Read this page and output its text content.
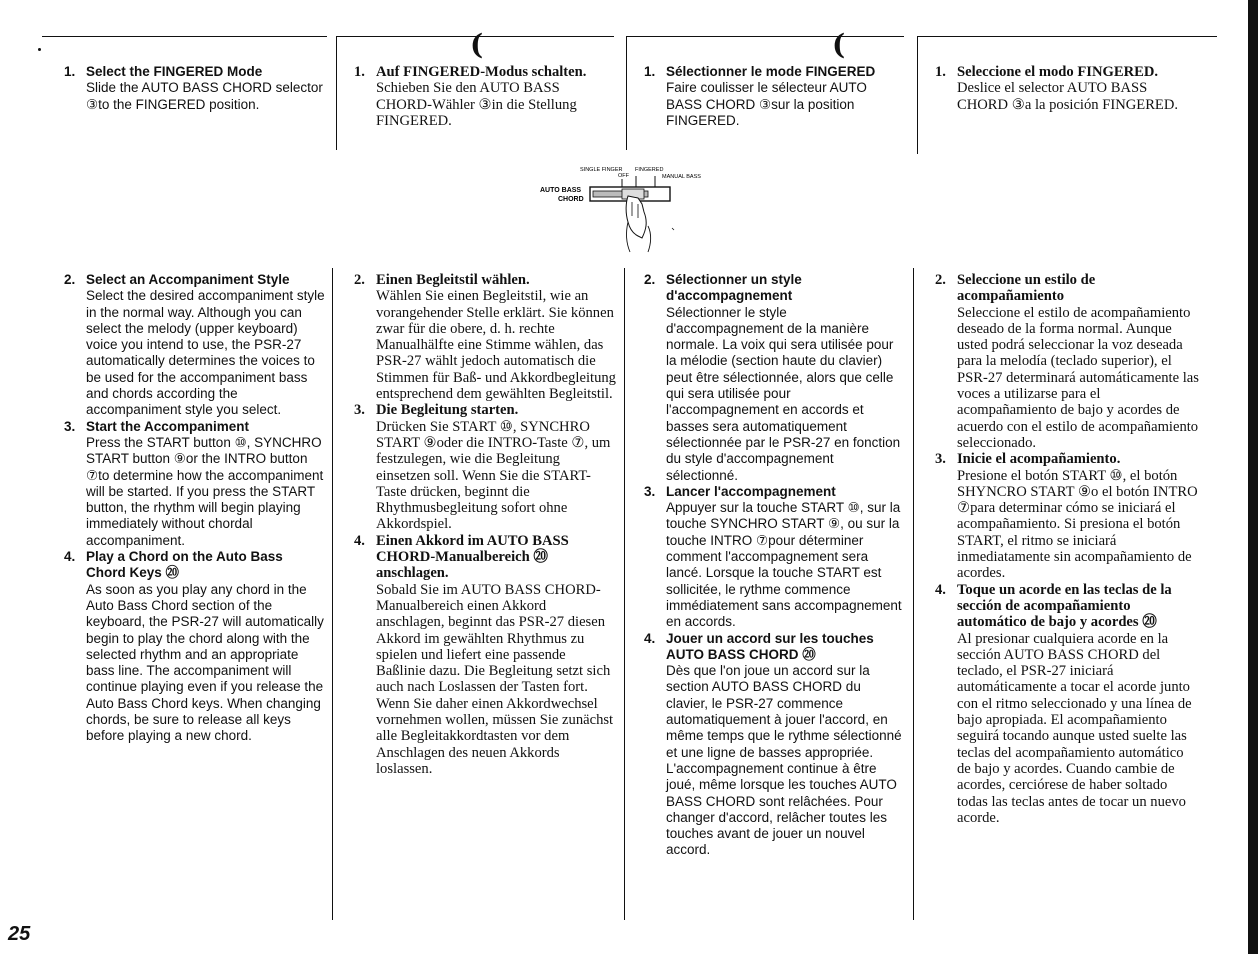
(	(
1. Select the FINGERED Mode
Slide the AUTO BASS CHORD selector ③to the FINGERED position.
2. Select an Accompaniment Style
Select the desired accompaniment style in the normal way. Although you can select the melody (upper keyboard) voice you intend to use, the PSR-27 automatically determines the voices to be used for the accompaniment bass and chords according the accompaniment style you select.
3. Start the Accompaniment
Press the START button ⑩, SYNCHRO START button ⑨or the INTRO button ⑦to determine how the accompaniment will be started. If you press the START button, the rhythm will begin playing immediately without chordal accompaniment.
4. Play a Chord on the Auto Bass Chord Keys ⑳
As soon as you play any chord in the Auto Bass Chord section of the keyboard, the PSR-27 will automatically begin to play the chord along with the selected rhythm and an appropriate bass line. The accompaniment will continue playing even if you release the Auto Bass Chord keys. When changing chords, be sure to release all keys before playing a new chord.
1. Auf FINGERED-Modus schalten.
Schieben Sie den AUTO BASS CHORD-Wähler ③in die Stellung FINGERED.
2. Einen Begleitstil wählen.
Wählen Sie einen Begleitstil, wie an vorangehender Stelle erklärt. Sie können zwar für die obere, d. h. rechte Manualhälfte eine Stimme wählen, das PSR-27 wählt jedoch automatisch die Stimmen für Baß- und Akkordbegleitung entsprechend dem gewählten Begleitstil.
3. Die Begleitung starten.
Drücken Sie START ⑩, SYNCHRO START ⑨oder die INTRO-Taste ⑦, um festzulegen, wie die Begleitung einsetzen soll. Wenn Sie die START-Taste drücken, beginnt die Rhythmusbegleitung sofort ohne Akkordspiel.
4. Einen Akkord im AUTO BASS CHORD-Manualbereich ⑳ anschlagen.
Sobald Sie im AUTO BASS CHORD-Manualbereich einen Akkord anschlagen, beginnt das PSR-27 diesen Akkord im gewählten Rhythmus zu spielen und liefert eine passende Baßlinie dazu. Die Begleitung setzt sich auch nach Loslassen der Tasten fort. Wenn Sie daher einen Akkordwechsel vornehmen wollen, müssen Sie zunächst alle Begleitakkordtasten vor dem Anschlagen des neuen Akkords loslassen.
1. Sélectionner le mode FINGERED
Faire coulisser le sélecteur AUTO BASS CHORD ③sur la position FINGERED.
2. Sélectionner un style d'accompagnement
Sélectionner le style d'accompagnement de la manière normale. La voix qui sera utilisée pour la mélodie (section haute du clavier) peut être sélectionnée, alors que celle qui sera utilisée pour l'accompagnement en accords et basses sera automatiquement sélectionnée par le PSR-27 en fonction du style d'accompagnement sélectionné.
3. Lancer l'accompagnement
Appuyer sur la touche START ⑩, sur la touche SYNCHRO START ⑨, ou sur la touche INTRO ⑦pour déterminer comment l'accompagnement sera lancé. Lorsque la touche START est sollicitée, le rythme commence immédiatement sans accompagnement en accords.
4. Jouer un accord sur les touches AUTO BASS CHORD ⑳
Dès que l'on joue un accord sur la section AUTO BASS CHORD du clavier, le PSR-27 commence automatiquement à jouer l'accord, en même temps que le rythme sélectionné et une ligne de basses appropriée. L'accompagnement continue à être joué, même lorsque les touches AUTO BASS CHORD sont relâchées. Pour changer d'accord, relâcher toutes les touches avant de jouer un nouvel accord.
1. Seleccione el modo FINGERED.
Deslice el selector AUTO BASS CHORD ③a la posición FINGERED.
2. Seleccione un estilo de acompañamiento
Seleccione el estilo de acompañamiento deseado de la forma normal. Aunque usted podrá seleccionar la voz deseada para la melodía (teclado superior), el PSR-27 determinará automáticamente las voces a utilizarse para el acompañamiento de bajo y acordes de acuerdo con el estilo de acompañamiento seleccionado.
3. Inicie el acompañamiento.
Presione el botón START ⑩, el botón SHYNCRO START ⑨o el botón INTRO ⑦para determinar cómo se iniciará el acompañamiento. Si presiona el botón START, el ritmo se iniciará inmediatamente sin acompañamiento de acordes.
4. Toque un acorde en las teclas de la sección de acompañamiento automático de bajo y acordes ⑳
Al presionar cualquiera acorde en la sección AUTO BASS CHORD del teclado, el PSR-27 iniciará automáticamente a tocar el acorde junto con el ritmo seleccionado y una línea de bajo apropiada. El acompañamiento seguirá tocando aunque usted suelte las teclas del acompañamiento automático de bajo y acordes. Cuando cambie de acordes, cerciórese de haber soltado todas las teclas antes de tocar un nuevo acorde.
SINGLE FINGER FINGERED
OFF	MANUAL BASS
AUTO BASS
CHORD
25
